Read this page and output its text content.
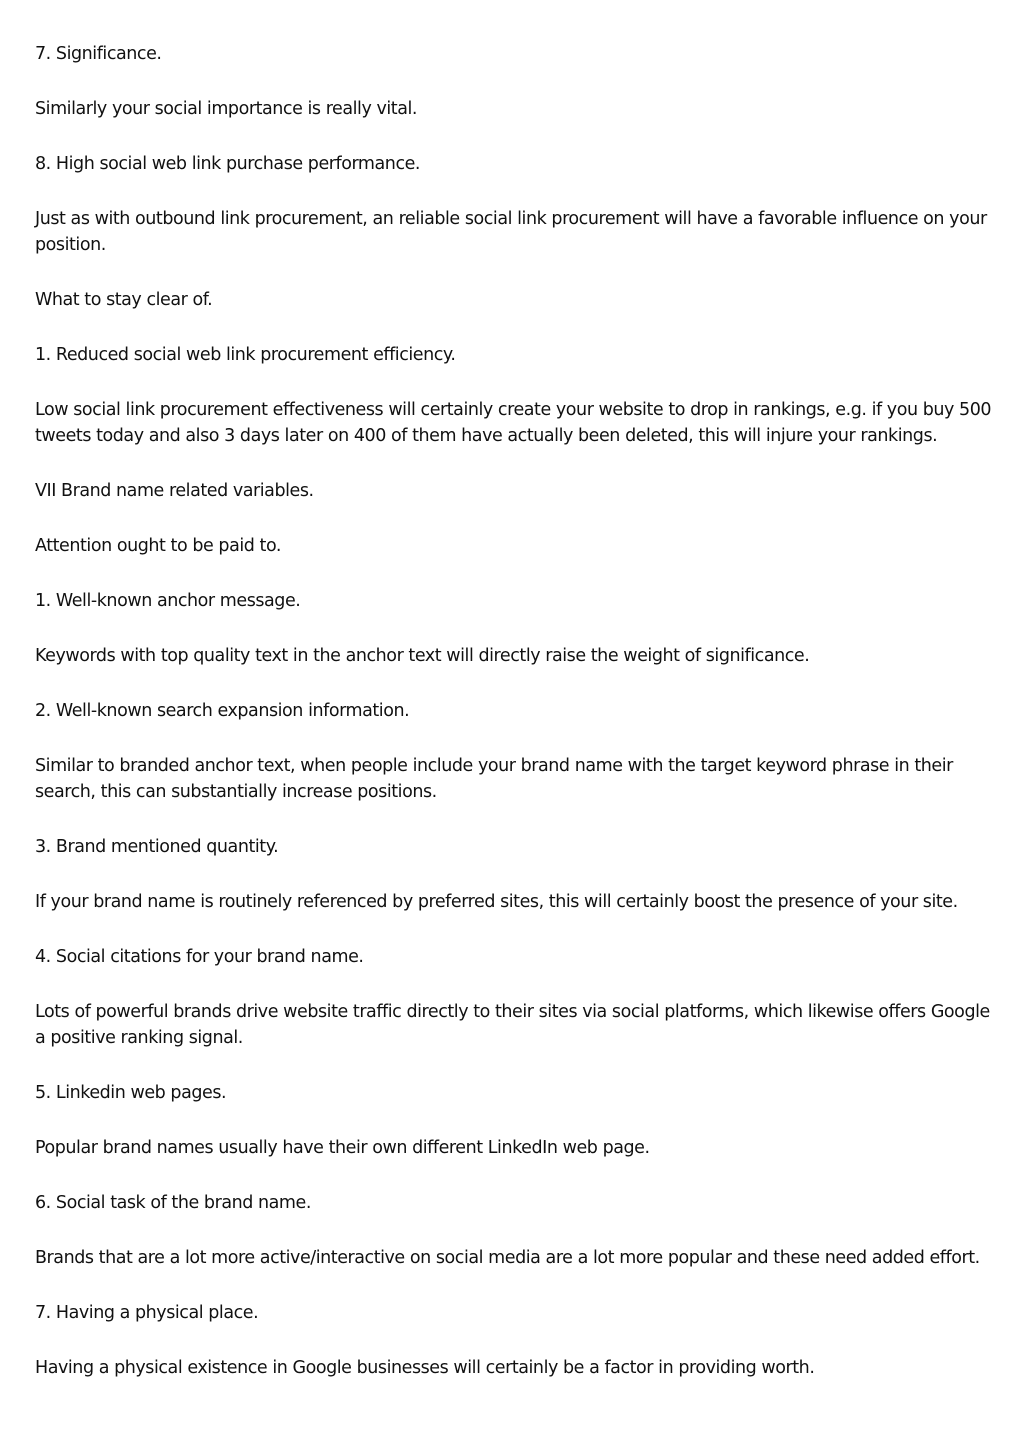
7. Significance.

Similarly your social importance is really vital.

8. High social web link purchase performance.

Just as with outbound link procurement, an reliable social link procurement will have a favorable influence on your position.

What to stay clear of.

1. Reduced social web link procurement efficiency.

Low social link procurement effectiveness will certainly create your website to drop in rankings, e.g. if you buy 500 tweets today and also 3 days later on 400 of them have actually been deleted, this will injure your rankings.

VII Brand name related variables.

Attention ought to be paid to.

1. Well-known anchor message.

Keywords with top quality text in the anchor text will directly raise the weight of significance.

2. Well-known search expansion information.

Similar to branded anchor text, when people include your brand name with the target keyword phrase in their search, this can substantially increase positions.

3. Brand mentioned quantity.

If your brand name is routinely referenced by preferred sites, this will certainly boost the presence of your site.

4. Social citations for your brand name.

Lots of powerful brands drive website traffic directly to their sites via social platforms, which likewise offers Google a positive ranking signal.

5. Linkedin web pages.

Popular brand names usually have their own different LinkedIn web page.

6. Social task of the brand name.

Brands that are a lot more active/interactive on social media are a lot more popular and these need added effort.

7. Having a physical place.

Having a physical existence in Google businesses will certainly be a factor in providing worth.
